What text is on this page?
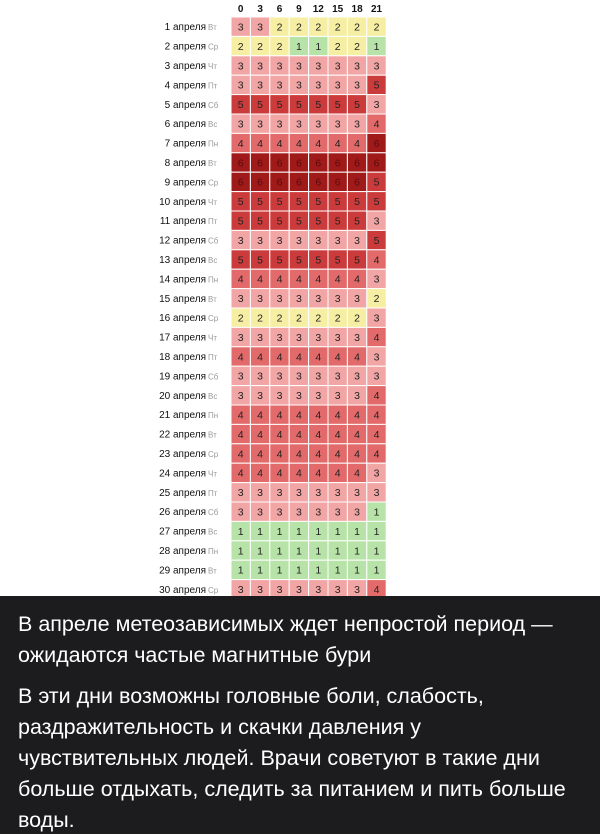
0 3 6 9 12 15 18 21
1 апреля Вт 3 3 2 2 2 2 2 2
2 апреля Ср 2 2 2 1 1 2 2 1
3 апреля Чт 3 3 3 3 3 3 3 3
4 апреля Пт 3 3 3 3 3 3 3 5
5 апреля Сб 5 5 5 5 5 5 5 3
6 апреля Вс 3 3 3 3 3 3 3 4
7 апреля Пн 4 4 4 4 4 4 4 6
8 апреля Вт 6 6 6 6 6 6 6 6
9 апреля Ср 6 6 6 6 6 6 6 5
10 апреля Чт 5 5 5 5 5 5 5 5
11 апреля Пт 5 5 5 5 5 5 5 3
12 апреля Сб 3 3 3 3 3 3 3 5
13 апреля Вс 5 5 5 5 5 5 5 4
14 апреля Пн 4 4 4 4 4 4 4 3
15 апреля Вт 3 3 3 3 3 3 3 2
16 апреля Ср 2 2 2 2 2 2 2 3
17 апреля Чт 3 3 3 3 3 3 3 4
18 апреля Пт 4 4 4 4 4 4 4 3
19 апреля Сб 3 3 3 3 3 3 3 3
20 апреля Вс 3 3 3 3 3 3 3 4
21 апреля Пн 4 4 4 4 4 4 4 4
22 апреля Вт 4 4 4 4 4 4 4 4
23 апреля Ср 4 4 4 4 4 4 4 4
24 апреля Чт 4 4 4 4 4 4 4 3
25 апреля Пт 3 3 3 3 3 3 3 3
26 апреля Сб 3 3 3 3 3 3 3 1
27 апреля Вс 1 1 1 1 1 1 1 1
28 апреля Пн 1 1 1 1 1 1 1 1
29 апреля Вт 1 1 1 1 1 1 1 1
30 апреля Ср 3 3 3 3 3 3 3 4

В апреле метеозависимых ждет непростой период — ожидаются частые магнитные бури

В эти дни возможны головные боли, слабость, раздражительность и скачки давления у чувствительных людей. Врачи советуют в такие дни больше отдыхать, следить за питанием и пить больше воды.
